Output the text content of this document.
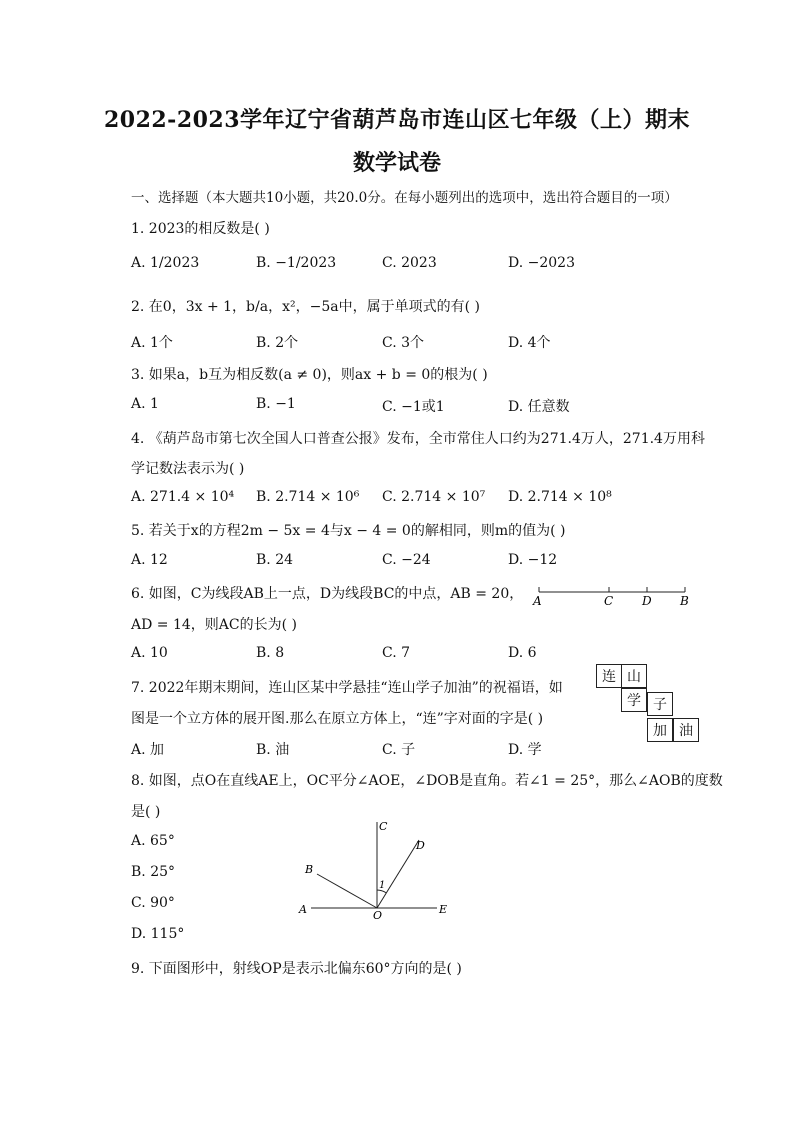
2022-2023学年辽宁省葫芦岛市连山区七年级（上）期末
数学试卷
一、选择题（本大题共10小题，共20.0分。在每小题列出的选项中，选出符合题目的一项）
1. 2023的相反数是( )
A. 1/2023	B. −1/2023	C. 2023	D. −2023
2. 在0，3x + 1，b/a，x²，−5a中，属于单项式的有( )
A. 1个	B. 2个	C. 3个	D. 4个
3. 如果a，b互为相反数(a ≠ 0)，则ax + b = 0的根为( )
A. 1	B. −1	C. −1或1	D. 任意数
4. 《葫芦岛市第七次全国人口普查公报》发布，全市常住人口约为271.4万人，271.4万用科
学记数法表示为( )
A. 271.4 × 10⁴ B. 2.714 × 10⁶ C. 2.714 × 10⁷ D. 2.714 × 10⁸
5. 若关于x的方程2m − 5x = 4与x − 4 = 0的解相同，则m的值为( )
A. 12	B. 24	C. −24	D. −12
6. 如图，C为线段AB上一点，D为线段BC的中点，AB = 20，
AD = 14，则AC的长为( )
A	C D B
A. 10	B. 8	C. 7	D. 6
7. 2022年期末期间，连山区某中学悬挂“连山学子加油”的祝福语，如
图是一个立方体的展开图.那么在原立方体上，“连”字对面的字是( )
连 山
学 子
加 油
A. 加	B. 油	C. 子	D. 学
8. 如图，点O在直线AE上，OC平分∠AOE，∠DOB是直角。若∠1 = 25°，那么∠AOB的度数
是( )
A. 65°
B. 25°
C. 90°
D. 115°
C
D
B
1
A	O	E
9. 下面图形中，射线OP是表示北偏东60°方向的是( )
